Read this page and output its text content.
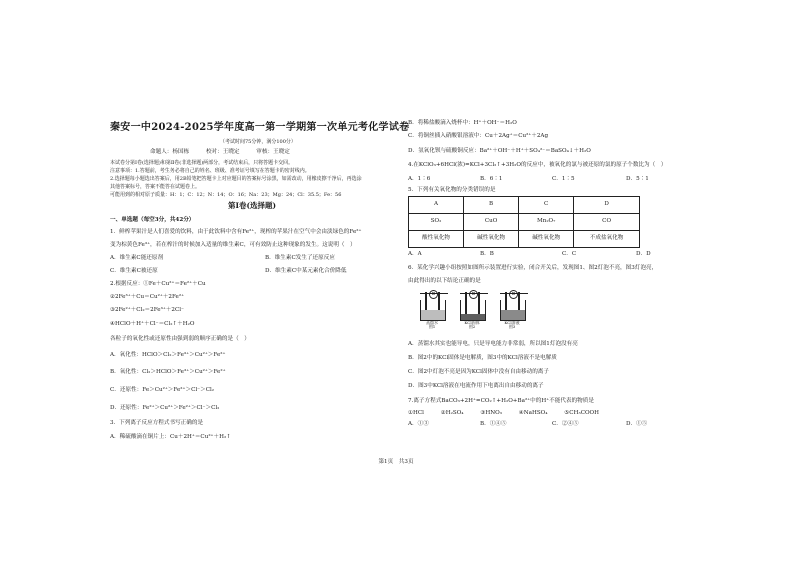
秦安一中2024-2025学年度高一第一学期第一次单元考化学试卷
（考试时间75分钟，满分100分）
命题人：杨国栋　　　校对：王晓定　　　审核：王晓定
本试卷分第Ⅰ卷(选择题)和第Ⅱ卷(非选择题)两部分，考试结束后，只将答题卡交回。
注意事项：1.答题前，考生务必将自己的姓名、班级、准考证号填写在答题卡的密封线内。
2.选择题每小题选出答案后，用2B铅笔把答题卡上对应题目的答案标号涂黑，如需改动，用橡皮擦干净后，再选涂
其他答案标号，答案不能答在试题卷上。
可能用到的相对原子质量：H：1；C：12；N：14；O：16；Na：23；Mg：24；Cl：35.5；Fe：56
第Ⅰ卷(选择题)
一、单选题（每空3分，共42分）
1．鲜榨苹果汁是人们喜爱的饮料，由于此饮料中含有Fe²⁺，现榨的苹果汁在空气中会由淡绿色的Fe²⁺
变为棕黄色Fe³⁺，若在榨汁的时候加入适量的维生素C，可有效防止这种现象的发生。这说明（　）
A．维生素C能还原剂	B．维生素C发生了还原反应
C．维生素C被还原	D．维生素C中某元素化合价降低
2.根据反应：①Fe＋Cu²⁺＝Fe²⁺＋Cu
②2Fe³⁺＋Cu＝Cu²⁺＋2Fe²⁺
③2Fe²⁺＋Cl₂＝2Fe³⁺＋2Cl⁻
④HClO＋H⁺＋Cl⁻＝Cl₂↑＋H₂O
各粒子的氧化性或还原性由强到弱的顺序正确的是（　）
A．氧化性：HClO＞Cl₂＞Fe³⁺＞Cu²⁺＞Fe²⁺
B．氧化性：Cl₂＞HClO＞Fe³⁺＞Cu²⁺＞Fe²⁺
C．还原性：Fe＞Cu²⁺＞Fe²⁺＞Cl⁻＞Cl₂
D．还原性：Fe²⁺＞Cu²⁺＞Fe²⁺＞Cl⁻＞Cl₂
3．下列离子反应方程式书写正确的是
A．稀硫酸滴在铜片上：Cu＋2H⁺＝Cu²⁺＋H₂↑
B．将稀盐酸滴入烧杯中：H⁺＋OH⁻＝H₂O
C．将铜丝插入硝酸银溶液中：Cu＋2Ag⁺＝Cu²⁺＋2Ag
D．氢氧化钡与硫酸铜反应：Ba²⁺＋OH⁻＋H⁺＋SO₄²⁻＝BaSO₄↓＋H₂O
4.在KClO₃+6HCl(浓)=KCl+3Cl₂↑+3H₂O的反应中，被氧化的氯与被还原的氯的原子个数比为（　）
A．1∶6	B．6∶1	C．1∶5	D．5∶1
5．下列有关氧化物的分类错误的是
A	B	C	D
SO₂	CuO	Mn₂O₇	CO
酸性氧化物	碱性氧化物	碱性氧化物	不成盐氧化物
A．A	B．B	C．C	D．D
6．某化学兴趣小组按照如图所示装置进行实验，闭合开关后，发现图1、图2灯泡不亮，图3灯泡亮，
由此得出的以下结论正确的是
⊗
蒸馏水
图1
⊗
KCl固体
图2
⊗
KCl溶液
图3
A．蒸馏水其实也能导电，只是导电能力非常弱，所以图1灯泡没有亮
B．图2中的KCl固体是电解质，图3中的KCl溶液不是电解质
C．图2中灯泡不亮是因为KCl固体中没有自由移动的离子
D．图3中KCl溶液在电流作用下电离出自由移动的离子
7.离子方程式BaCO₃+2H⁺=CO₂↑+H₂O+Ba²⁺中的H⁺不能代表的物质是
①HCl　　　②H₂SO₄　　　③HNO₃　　　④NaHSO₄　　　⑤CH₃COOH
A．①③	B．①④⑤	C．②④⑤	D．①⑤
第1页　共3页
